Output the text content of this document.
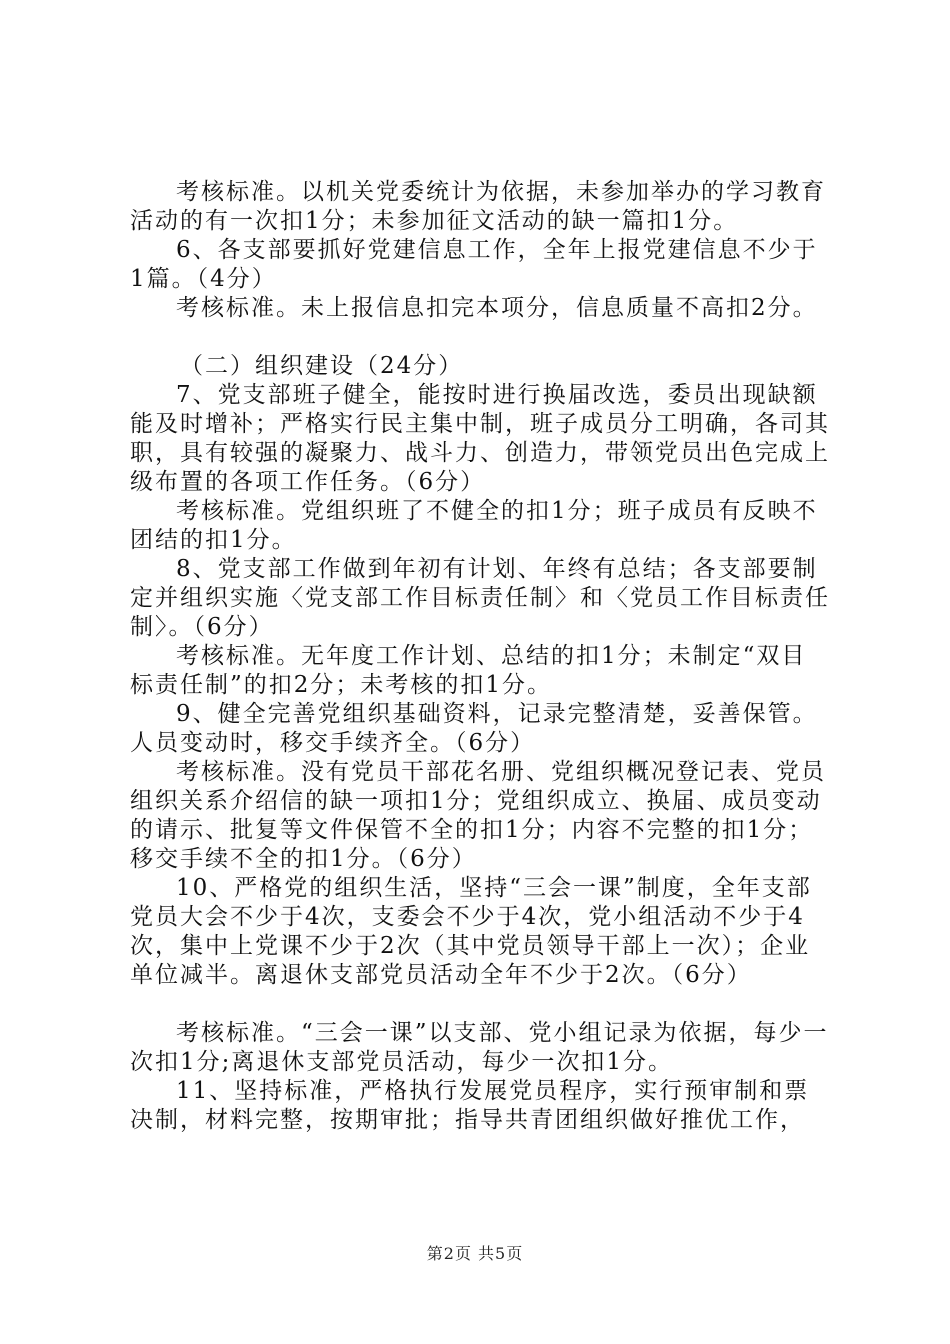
考核标准。以机关党委统计为依据，未参加举办的学习教育活动的有一次扣1分；未参加征文活动的缺一篇扣1分。

6、各支部要抓好党建信息工作，全年上报党建信息不少于1篇。（4分）

考核标准。未上报信息扣完本项分，信息质量不高扣2分。

（二）组织建设（24分）

7、党支部班子健全，能按时进行换届改选，委员出现缺额能及时增补；严格实行民主集中制，班子成员分工明确，各司其职，具有较强的凝聚力、战斗力、创造力，带领党员出色完成上级布置的各项工作任务。（6分）

考核标准。党组织班了不健全的扣1分；班子成员有反映不团结的扣1分。

8、党支部工作做到年初有计划、年终有总结；各支部要制定并组织实施〈党支部工作目标责任制〉和〈党员工作目标责任制〉。（6分）

考核标准。无年度工作计划、总结的扣1分；未制定“双目标责任制”的扣2分；未考核的扣1分。

9、健全完善党组织基础资料，记录完整清楚，妥善保管。人员变动时，移交手续齐全。（6分）

考核标准。没有党员干部花名册、党组织概况登记表、党员组织关系介绍信的缺一项扣1分；党组织成立、换届、成员变动的请示、批复等文件保管不全的扣1分；内容不完整的扣1分；移交手续不全的扣1分。（6分）

10、严格党的组织生活，坚持“三会一课”制度，全年支部党员大会不少于4次，支委会不少于4次，党小组活动不少于4次，集中上党课不少于2次（其中党员领导干部上一次）；企业单位减半。离退休支部党员活动全年不少于2次。（6分）

考核标准。“三会一课”以支部、党小组记录为依据，每少一次扣1分;离退休支部党员活动，每少一次扣1分。

11、坚持标准，严格执行发展党员程序，实行预审制和票决制，材料完整，按期审批；指导共青团组织做好推优工作，

第2页 共5页
